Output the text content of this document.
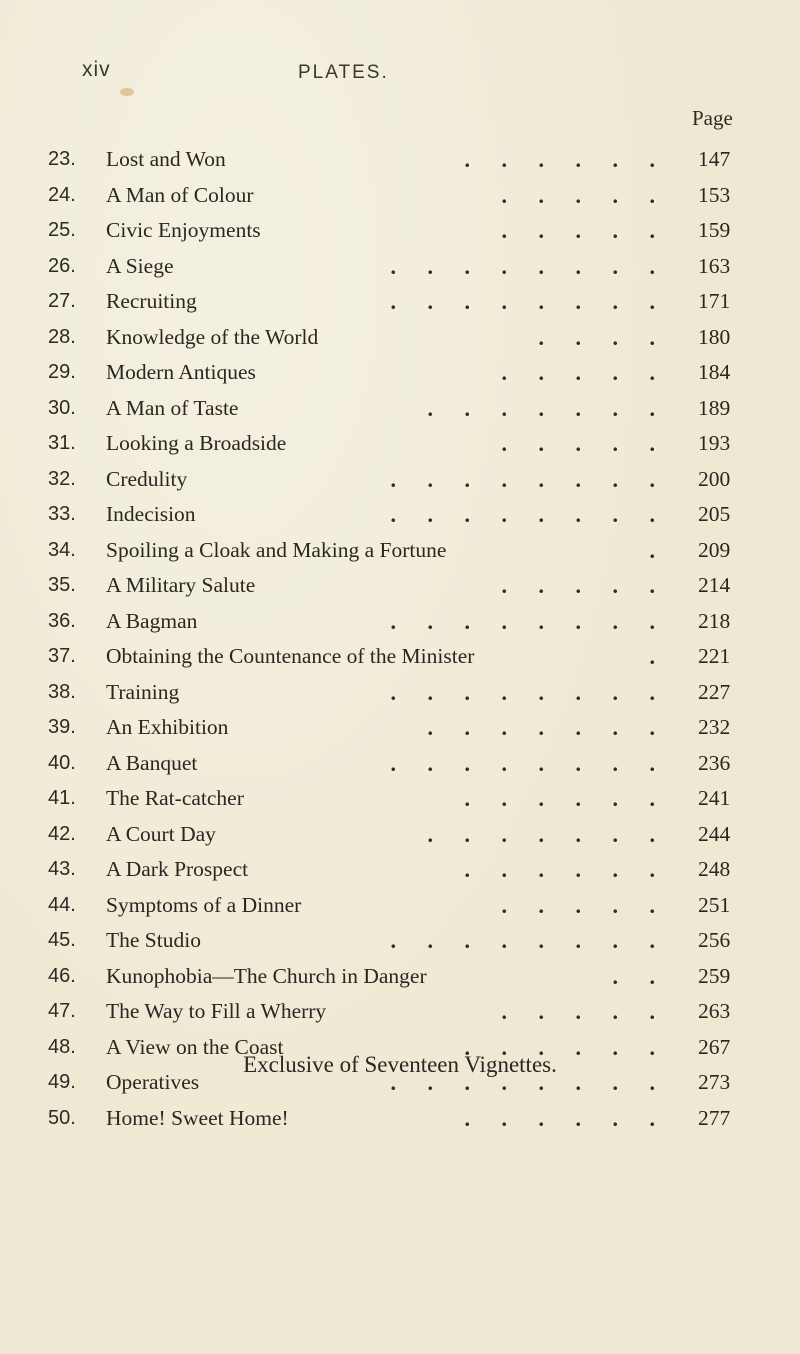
xiv	PLATES.
Page
23.	Lost and Won	. . . . . . 147
24.	A Man of Colour	. . . . . 153
25.	Civic Enjoyments	. . . . . 159
26.	A Siege	. . . . . . . . 163
27.	Recruiting	. . . . . . . . 171
28.	Knowledge of the World	. . . . 180
29.	Modern Antiques	. . . . . 184
30.	A Man of Taste	. . . . . . . 189
31.	Looking a Broadside	. . . . . 193
32.	Credulity	. . . . . . . . 200
33.	Indecision	. . . . . . . . 205
34.	Spoiling a Cloak and Making a Fortune	. 209
35.	A Military Salute	. . . . . 214
36.	A Bagman	. . . . . . . . 218
37.	Obtaining the Countenance of the Minister	. 221
38.	Training	. . . . . . . . 227
39.	An Exhibition	. . . . . . . 232
40.	A Banquet	. . . . . . . . 236
41.	The Rat-catcher	. . . . . . 241
42.	A Court Day	. . . . . . . 244
43.	A Dark Prospect	. . . . . . 248
44.	Symptoms of a Dinner	. . . . . 251
45.	The Studio	. . . . . . . . 256
46.	Kunophobia—The Church in Danger	. . 259
47.	The Way to Fill a Wherry	. . . . . 263
48.	A View on the Coast	. . . . . . 267
49.	Operatives	. . . . . . . . 273
50.	Home! Sweet Home!	. . . . . . 277
Exclusive of Seventeen Vignettes.
